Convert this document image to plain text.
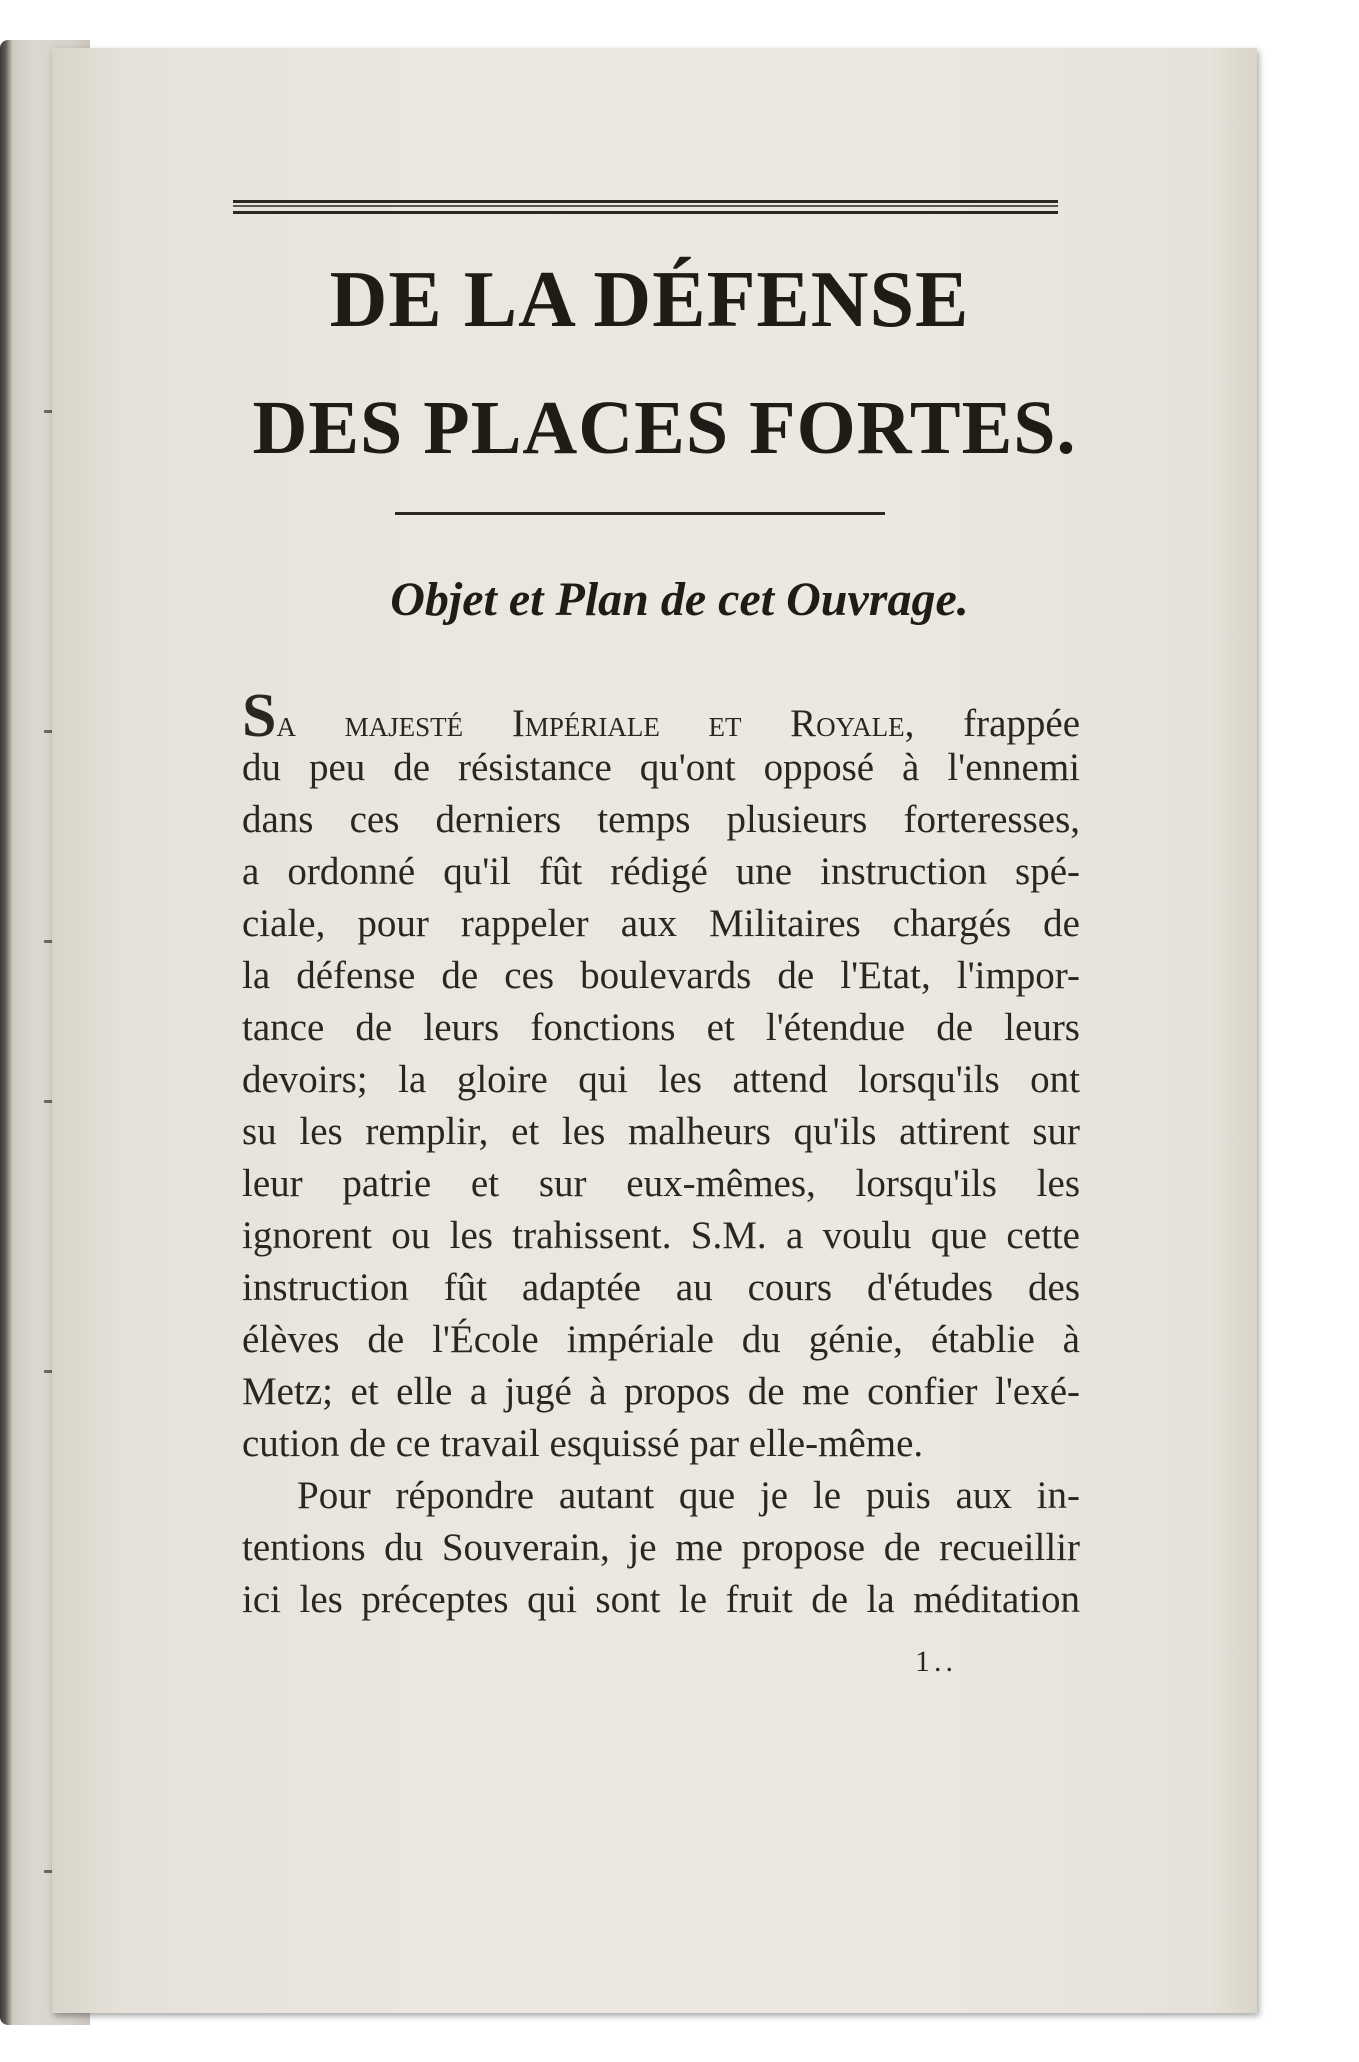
DE LA DÉFENSE
DES PLACES FORTES.
Objet et Plan de cet Ouvrage.
Sa majesté Impériale et Royale, frappée
du peu de résistance qu'ont opposé à l'ennemi
dans ces derniers temps plusieurs forteresses,
a ordonné qu'il fût rédigé une instruction spé-
ciale, pour rappeler aux Militaires chargés de
la défense de ces boulevards de l'Etat, l'impor-
tance de leurs fonctions et l'étendue de leurs
devoirs; la gloire qui les attend lorsqu'ils ont
su les remplir, et les malheurs qu'ils attirent sur
leur patrie et sur eux-mêmes, lorsqu'ils les
ignorent ou les trahissent. S.M. a voulu que cette
instruction fût adaptée au cours d'études des
élèves de l'École impériale du génie, établie à
Metz; et elle a jugé à propos de me confier l'exé-
cution de ce travail esquissé par elle-même.
Pour répondre autant que je le puis aux in-
tentions du Souverain, je me propose de recueillir
ici les préceptes qui sont le fruit de la méditation
1..
